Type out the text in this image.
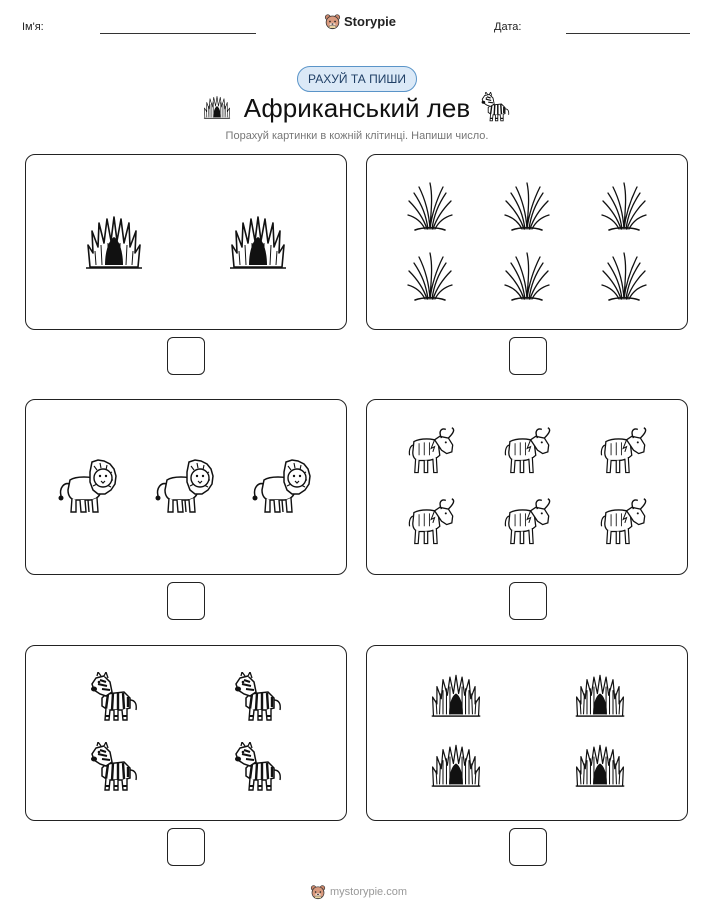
Ім'я:	Storypie	Дата:
РАХУЙ ТА ПИШИ
Африканський лев
Порахуй картинки в кожній клітинці. Напиши число.
mystorypie.com
